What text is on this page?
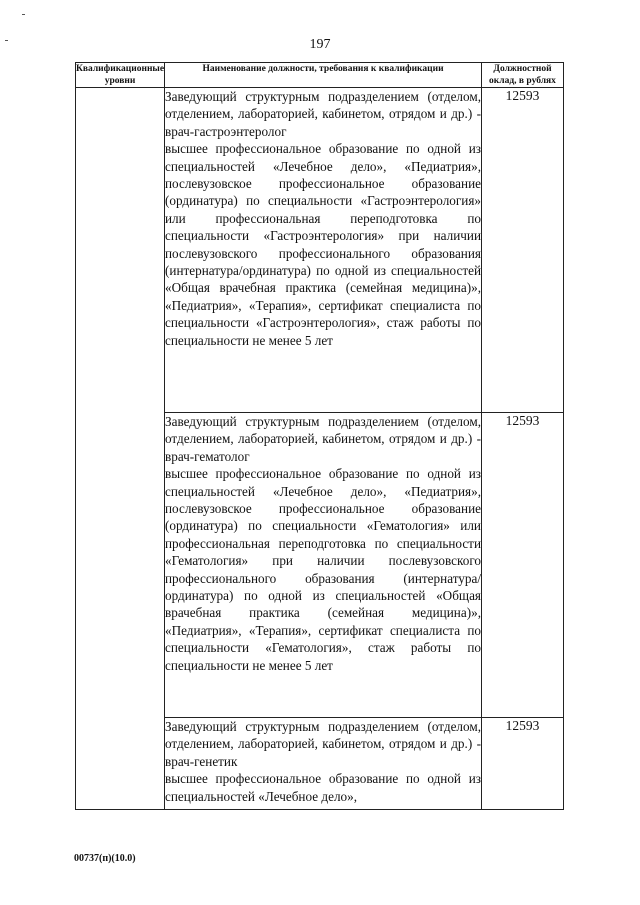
197
Квалификационные уровни	Наименование должности, требования к квалификации	Должностной оклад, в рублях

	Заведующий структурным подразделением (отделом, отделением, лабораторией, кабинетом, отрядом и др.) - врач-гастроэнтеролог

высшее профессиональное образование по одной из специальностей «Лечебное дело», «Педиатрия», послевузовское профессиональное образование (ординатура) по специальности «Гастроэнтерология» или профессиональная переподготовка по специальности «Гастроэнтерология» при наличии послевузовского профессионального образования (интернатура/ординатура) по одной из специальностей «Общая врачебная практика (семейная медицина)», «Педиатрия», «Терапия», сертификат специалиста по специальности «Гастроэнтерология», стаж работы по специальности не менее 5 лет	12593

	Заведующий структурным подразделением (отделом, отделением, лабораторией, кабинетом, отрядом и др.) - врач-гематолог

высшее профессиональное образование по одной из специальностей «Лечебное дело», «Педиатрия», послевузовское профессиональное образование (ординатура) по специальности «Гематология» или профессиональная переподготовка по специальности «Гематология» при наличии послевузовского профессионального образования (интернатура/ординатура) по одной из специальностей «Общая врачебная практика (семейная медицина)», «Педиатрия», «Терапия», сертификат специалиста по специальности «Гематология», стаж работы по специальности не менее 5 лет	12593

	Заведующий структурным подразделением (отделом, отделением, лабораторией, кабинетом, отрядом и др.) - врач-генетик

высшее профессиональное образование по одной из специальностей «Лечебное дело»,	12593
00737(п)(10.0)
